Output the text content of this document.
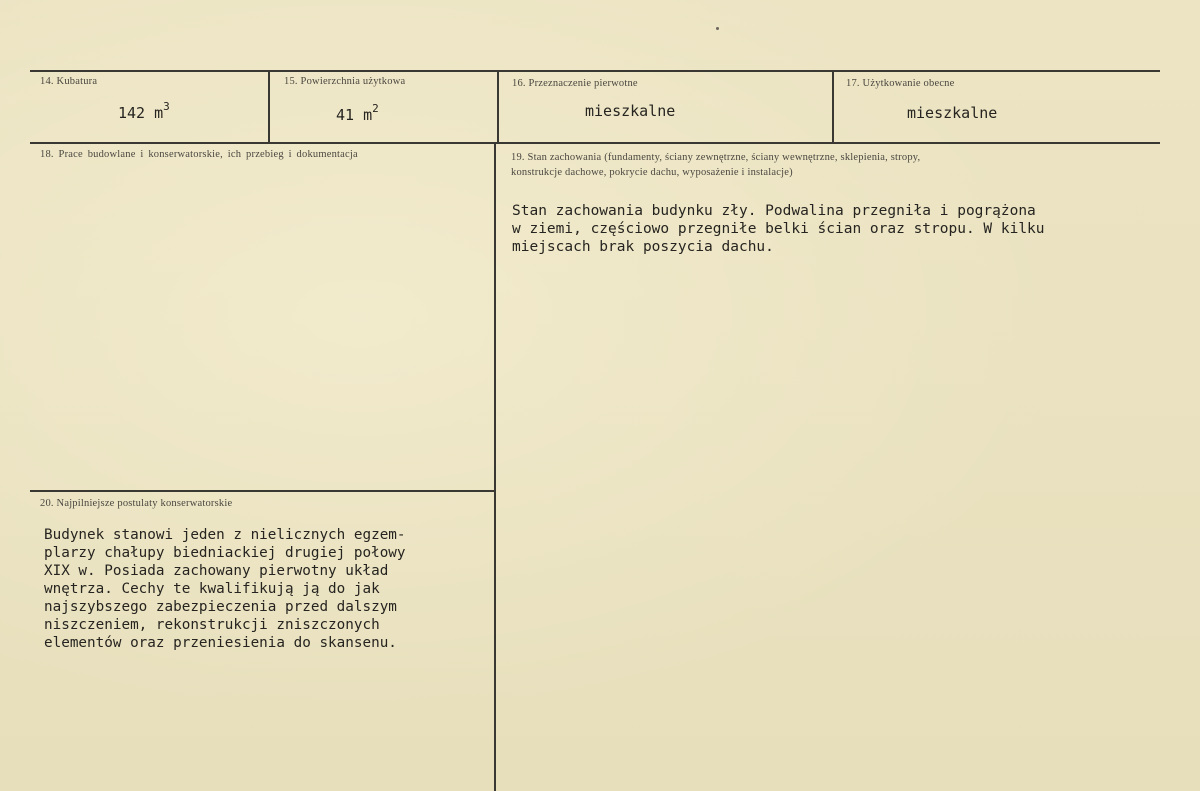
14. Kubatura
142 $m^3$
15. Powierzchnia użytkowa
41 $m^2$
16. Przeznaczenie pierwotne
mieszkalne
17. Użytkowanie obecne
mieszkalne
18. Prace budowlane i konserwatorskie, ich przebieg i dokumentacja	19. Stan zachowania (fundamenty, ściany zewnętrzne, ściany wewnętrzne, sklepienia, stropy,
konstrukcje dachowe, pokrycie dachu, wyposażenie i instalacje)
Stan zachowania budynku zły. Podwalina przegniła i pogrążona
w ziemi, częściowo przegniłe belki ścian oraz stropu. W kilku
miejscach brak poszycia dachu.
20. Najpilniejsze postulaty konserwatorskie
Budynek stanowi jeden z nielicznych egzem-
plarzy chałupy biedniackiej drugiej połowy
XIX w. Posiada zachowany pierwotny układ
wnętrza. Cechy te kwalifikują ją do jak
najszybszego zabezpieczenia przed dalszym
niszczeniem, rekonstrukcji zniszczonych
elementów oraz przeniesienia do skansenu.
